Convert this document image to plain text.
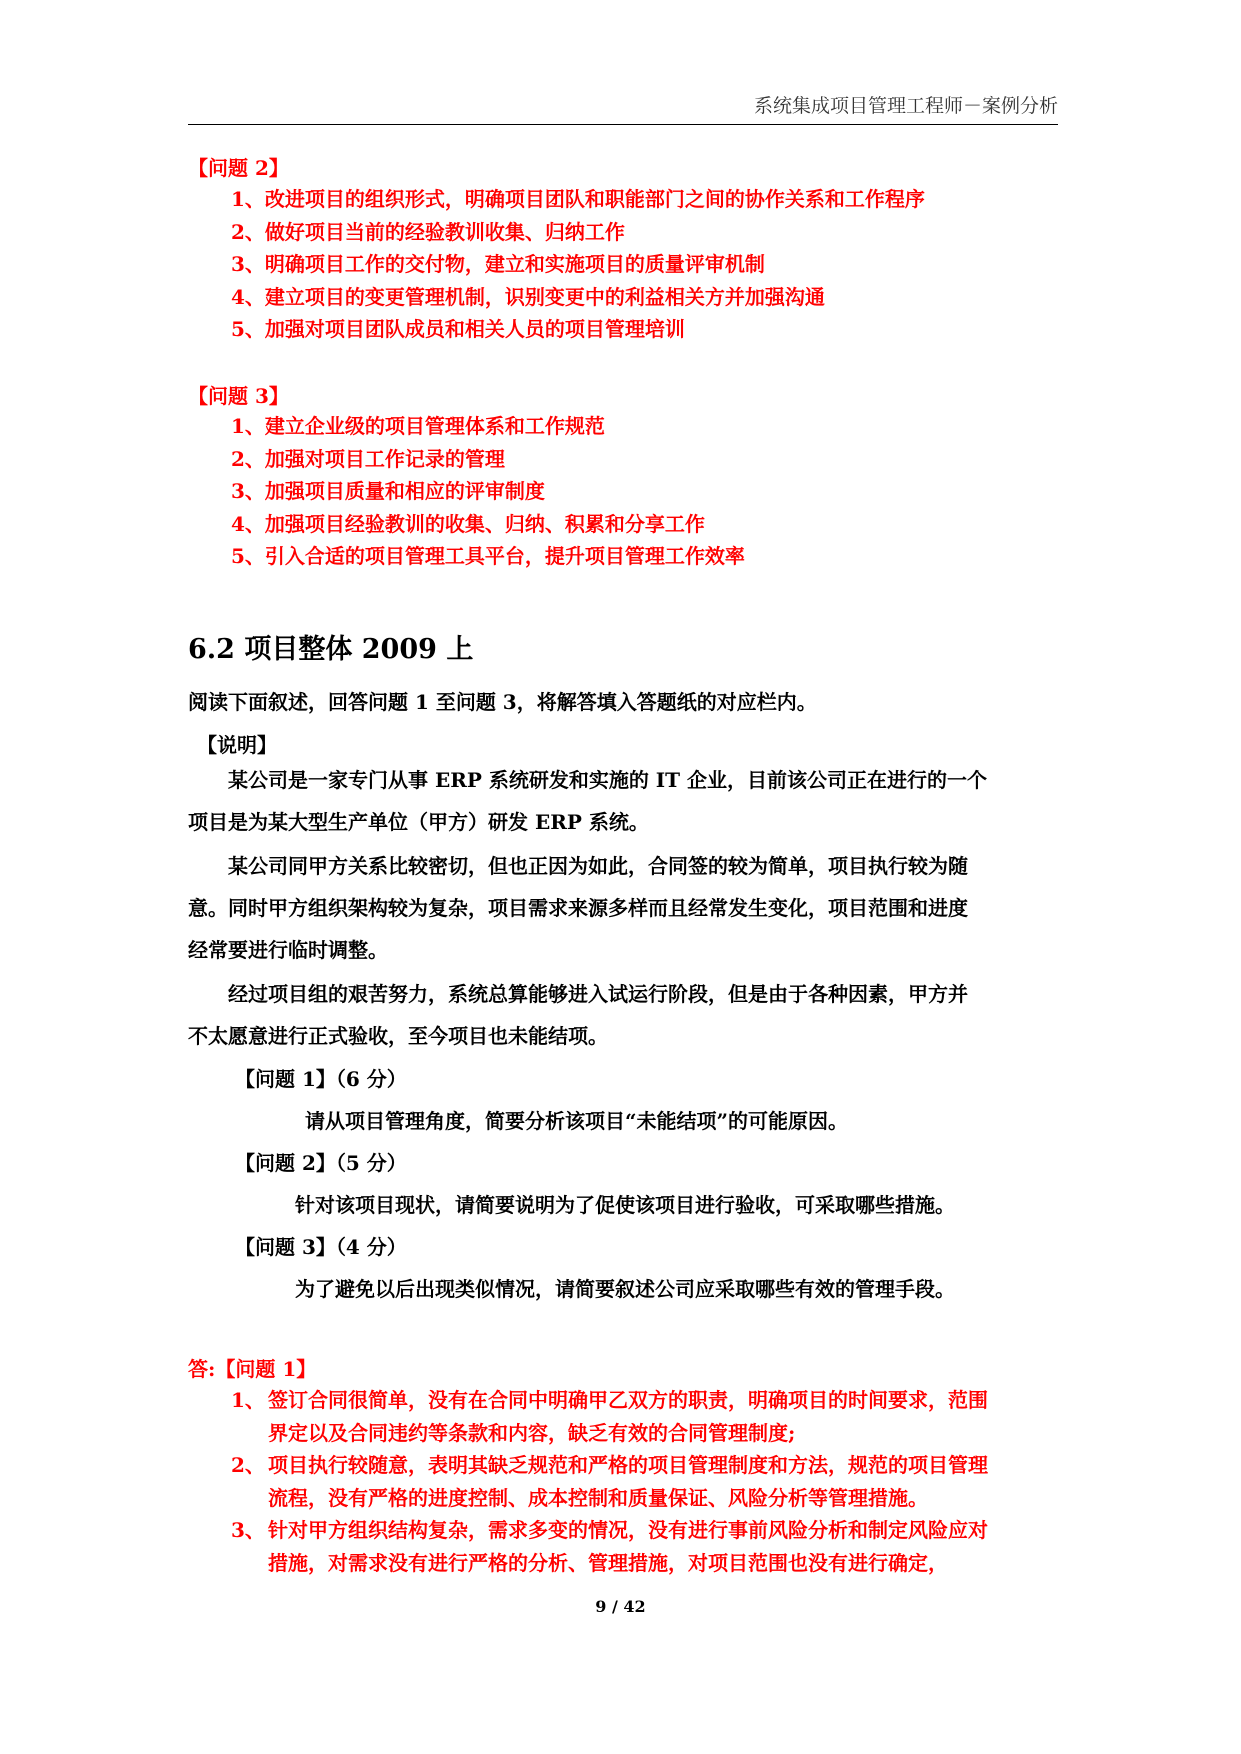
系统集成项目管理工程师－案例分析
【问题 2】
1、改进项目的组织形式，明确项目团队和职能部门之间的协作关系和工作程序
2、做好项目当前的经验教训收集、归纳工作
3、明确项目工作的交付物，建立和实施项目的质量评审机制
4、建立项目的变更管理机制，识别变更中的利益相关方并加强沟通
5、加强对项目团队成员和相关人员的项目管理培训
【问题 3】
1、建立企业级的项目管理体系和工作规范
2、加强对项目工作记录的管理
3、加强项目质量和相应的评审制度
4、加强项目经验教训的收集、归纳、积累和分享工作
5、引入合适的项目管理工具平台，提升项目管理工作效率
6.2 项目整体 2009 上
阅读下面叙述，回答问题 1 至问题 3，将解答填入答题纸的对应栏内。
【说明】
某公司是一家专门从事 ERP 系统研发和实施的 IT 企业，目前该公司正在进行的一个
项目是为某大型生产单位（甲方）研发 ERP 系统。
某公司同甲方关系比较密切，但也正因为如此，合同签的较为简单，项目执行较为随
意。同时甲方组织架构较为复杂，项目需求来源多样而且经常发生变化，项目范围和进度
经常要进行临时调整。
经过项目组的艰苦努力，系统总算能够进入试运行阶段，但是由于各种因素，甲方并
不太愿意进行正式验收，至今项目也未能结项。
【问题 1】（6 分）
请从项目管理角度，简要分析该项目“未能结项”的可能原因。
【问题 2】（5 分）
针对该项目现状，请简要说明为了促使该项目进行验收，可采取哪些措施。
【问题 3】（4 分）
为了避免以后出现类似情况，请简要叙述公司应采取哪些有效的管理手段。
答:【问题 1】
1、 签订合同很简单，没有在合同中明确甲乙双方的职责，明确项目的时间要求，范围
界定以及合同违约等条款和内容，缺乏有效的合同管理制度;
2、 项目执行较随意，表明其缺乏规范和严格的项目管理制度和方法，规范的项目管理
流程，没有严格的进度控制、成本控制和质量保证、风险分析等管理措施。
3、 针对甲方组织结构复杂，需求多变的情况，没有进行事前风险分析和制定风险应对
措施，对需求没有进行严格的分析、管理措施，对项目范围也没有进行确定，
9 / 42
